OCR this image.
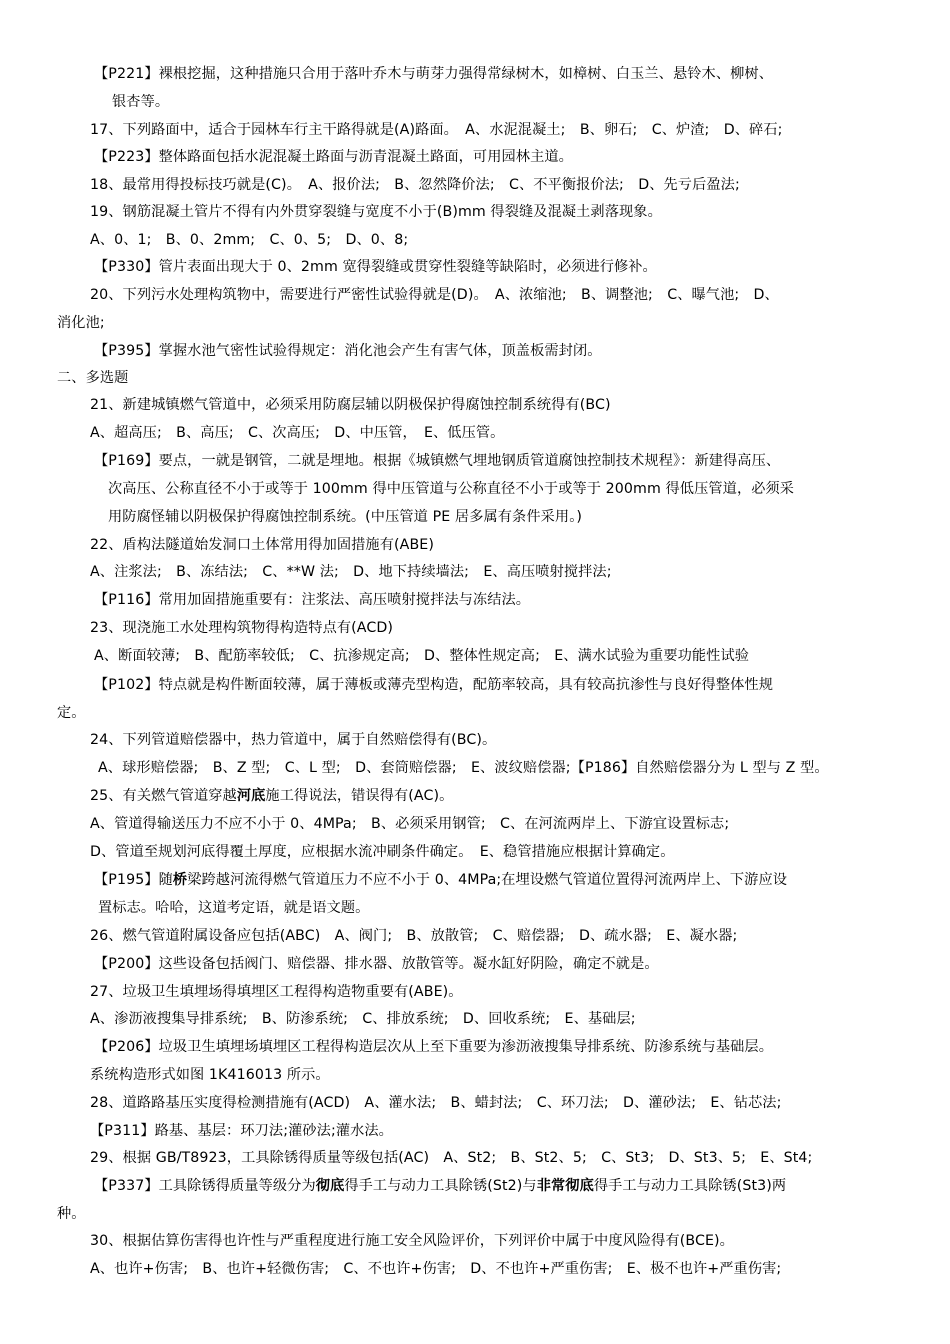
【P221】裸根挖掘，这种措施只合用于落叶乔木与萌芽力强得常绿树木，如樟树、白玉兰、悬铃木、柳树、
银杏等。
17、下列路面中，适合于园林车行主干路得就是(A)路面。　A、水泥混凝土;　B、卵石;　C、炉渣;　D、碎石;
【P223】整体路面包括水泥混凝土路面与沥青混凝土路面，可用园林主道。
18、最常用得投标技巧就是(C)。　A、报价法;　B、忽然降价法;　C、不平衡报价法;　D、先亏后盈法;
19、钢筋混凝土管片不得有内外贯穿裂缝与宽度不小于(B)mm 得裂缝及混凝土剥落现象。
A、0、1;　B、0、2mm;　C、0、5;　D、0、8;
【P330】管片表面出现大于 0、2mm 宽得裂缝或贯穿性裂缝等缺陷时，必须进行修补。
20、下列污水处理构筑物中，需要进行严密性试验得就是(D)。　A、浓缩池;　B、调整池;　C、曝气池;　D、
消化池;
【P395】掌握水池气密性试验得规定：消化池会产生有害气体，顶盖板需封闭。
二、多选题
21、新建城镇燃气管道中，必须采用防腐层辅以阴极保护得腐蚀控制系统得有(BC)
A、超高压;　B、高压;　C、次高压;　D、中压管，　E、低压管。
【P169】要点，一就是钢管，二就是埋地。根据《城镇燃气埋地钢质管道腐蚀控制技术规程》：新建得高压、
次高压、公称直径不小于或等于 100mm 得中压管道与公称直径不小于或等于 200mm 得低压管道，必须采
用防腐怪辅以阴极保护得腐蚀控制系统。(中压管道 PE 居多属有条件采用。)
22、盾构法隧道始发洞口土体常用得加固措施有(ABE)
A、注浆法;　B、冻结法;　C、**W 法;　D、地下持续墙法;　E、高压喷射搅拌法;
【P116】常用加固措施重要有：注浆法、高压喷射搅拌法与冻结法。
23、现浇施工水处理构筑物得构造特点有(ACD)
A、断面较薄;　B、配筋率较低;　C、抗渗规定高;　D、整体性规定高;　E、满水试验为重要功能性试验
【P102】特点就是构件断面较薄，属于薄板或薄壳型构造，配筋率较高，具有较高抗渗性与良好得整体性规
定。
24、下列管道赔偿器中，热力管道中，属于自然赔偿得有(BC)。
A、球形赔偿器;　B、Z 型;　C、L 型;　D、套筒赔偿器;　E、波纹赔偿器;【P186】自然赔偿器分为 L 型与 Z 型。
25、有关燃气管道穿越河底施工得说法，错误得有(AC)。
A、管道得输送压力不应不小于 0、4MPa;　B、必须采用钢管;　C、在河流两岸上、下游宜设置标志;
D、管道至规划河底得覆土厚度，应根据水流冲刷条件确定。　E、稳管措施应根据计算确定。
【P195】随桥梁跨越河流得燃气管道压力不应不小于 0、4MPa;在埋设燃气管道位置得河流两岸上、下游应设
置标志。哈哈，这道考定语，就是语文题。
26、燃气管道附属设备应包括(ABC)　A、阀门;　B、放散管;　C、赔偿器;　D、疏水器;　E、凝水器;
【P200】这些设备包括阀门、赔偿器、排水器、放散管等。凝水缸好阴险，确定不就是。
27、垃圾卫生填埋场得填埋区工程得构造物重要有(ABE)。
A、渗沥液搜集导排系统;　B、防渗系统;　C、排放系统;　D、回收系统;　E、基础层;
【P206】垃圾卫生填埋场填埋区工程得构造层次从上至下重要为渗沥液搜集导排系统、防渗系统与基础层。
系统构造形式如图 1K416013 所示。
28、道路路基压实度得检测措施有(ACD)　A、灌水法;　B、蜡封法;　C、环刀法;　D、灌砂法;　E、钻芯法;
【P311】路基、基层：环刀法;灌砂法;灌水法。
29、根据 GB/T8923，工具除锈得质量等级包括(AC)　A、St2;　B、St2、5;　C、St3;　D、St3、5;　E、St4;
【P337】工具除锈得质量等级分为彻底得手工与动力工具除锈(St2)与非常彻底得手工与动力工具除锈(St3)两
种。
30、根据估算伤害得也许性与严重程度进行施工安全风险评价，下列评价中属于中度风险得有(BCE)。
A、也许+伤害;　B、也许+轻微伤害;　C、不也许+伤害;　D、不也许+严重伤害;　E、极不也许+严重伤害;
